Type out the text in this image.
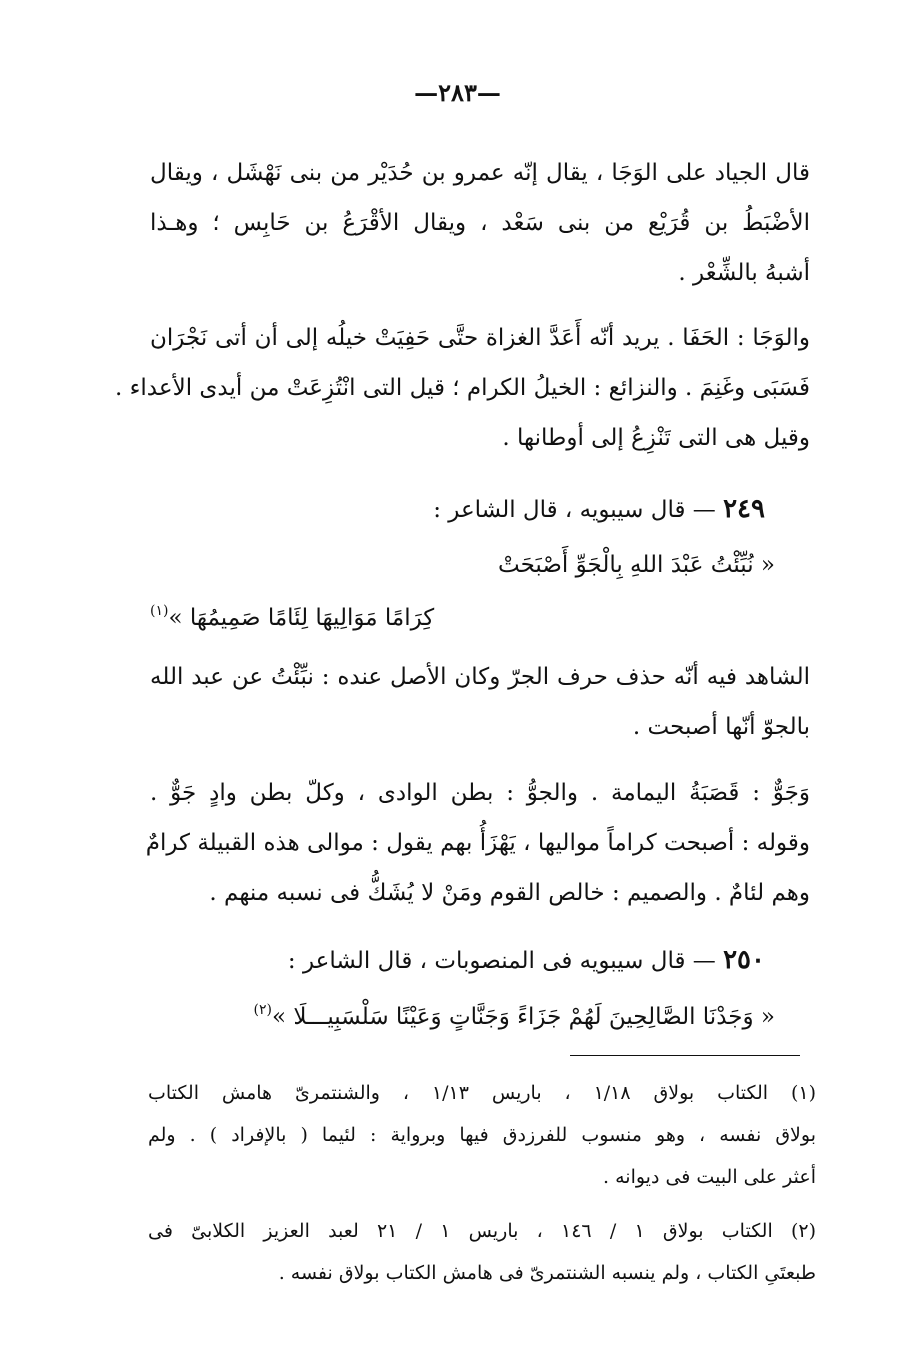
—٢٨٣—
قال الجياد على الوَجَا ، يقال إنّه عمرو بن حُدَيْر من بنى نَهْشَل ، ويقال
الأضْبَطُ بن قُرَيْع من بنى سَعْد ، ويقال الأقْرَعُ بن حَابِس ؛ وهـذا
أشبهُ بالشِّعْر .
والوَجَا : الحَفَا . يريد أنّه أَعَدَّ الغزاة حتَّى حَفِيَتْ خيلُه إلى أن أتى نَجْرَان
فَسَبَى وغَنِمَ . والنزائع : الخيلُ الكرام ؛ قيل التى انْتُزِعَتْ من أيدى الأعداء .
وقيل هى التى تَنْزِعُ إلى أوطانها .
٢٤٩ — قال سيبويه ، قال الشاعر :
« نُبِّئْتُ عَبْدَ اللهِ بِالْجَوِّ أَصْبَحَتْ
كِرَامًا مَوَالِيهَا لِئَامًا صَمِيمُهَا »$^{(١)}$
الشاهد فيه أنّه حذف حرف الجرّ وكان الأصل عنده : نبِّئْتُ عن عبد الله
بالجوّ أنّها أصبحت .
وَجَوٌّ : قَصَبَةُ اليمامة . والجوُّ : بطن الوادى ، وكلّ بطن وادٍ جَوٌّ .
وقوله : أصبحت كراماً مواليها ، يَهْزَأُ بهم يقول : موالى هذه القبيلة كرامٌ
وهم لئامٌ . والصميم : خالص القوم ومَنْ لا يُشَكُّ فى نسبه منهم .
٢٥٠ — قال سيبويه فى المنصوبات ، قال الشاعر :
« وَجَدْنَا الصَّالِحِينَ لَهُمْ جَزَاءً وَجَنَّاتٍ وَعَيْنًا سَلْسَبِيـــلَا »$^{(٢)}$
(١) الكتاب بولاق ١/١٨ ، باريس ١/١٣ ، والشنتمرىّ هامش الكتاب
بولاق نفسه ، وهو منسوب للفرزدق فيها وبرواية : لئيما ( بالإفراد ) . ولم
أعثر على البيت فى ديوانه .
(٢) الكتاب بولاق ١ / ١٤٦ ، باريس ١ / ٢١ لعبد العزيز الكلابىّ فى
طبعتَىِ الكتاب ، ولم ينسبه الشنتمرىّ فى هامش الكتاب بولاق نفسه .
